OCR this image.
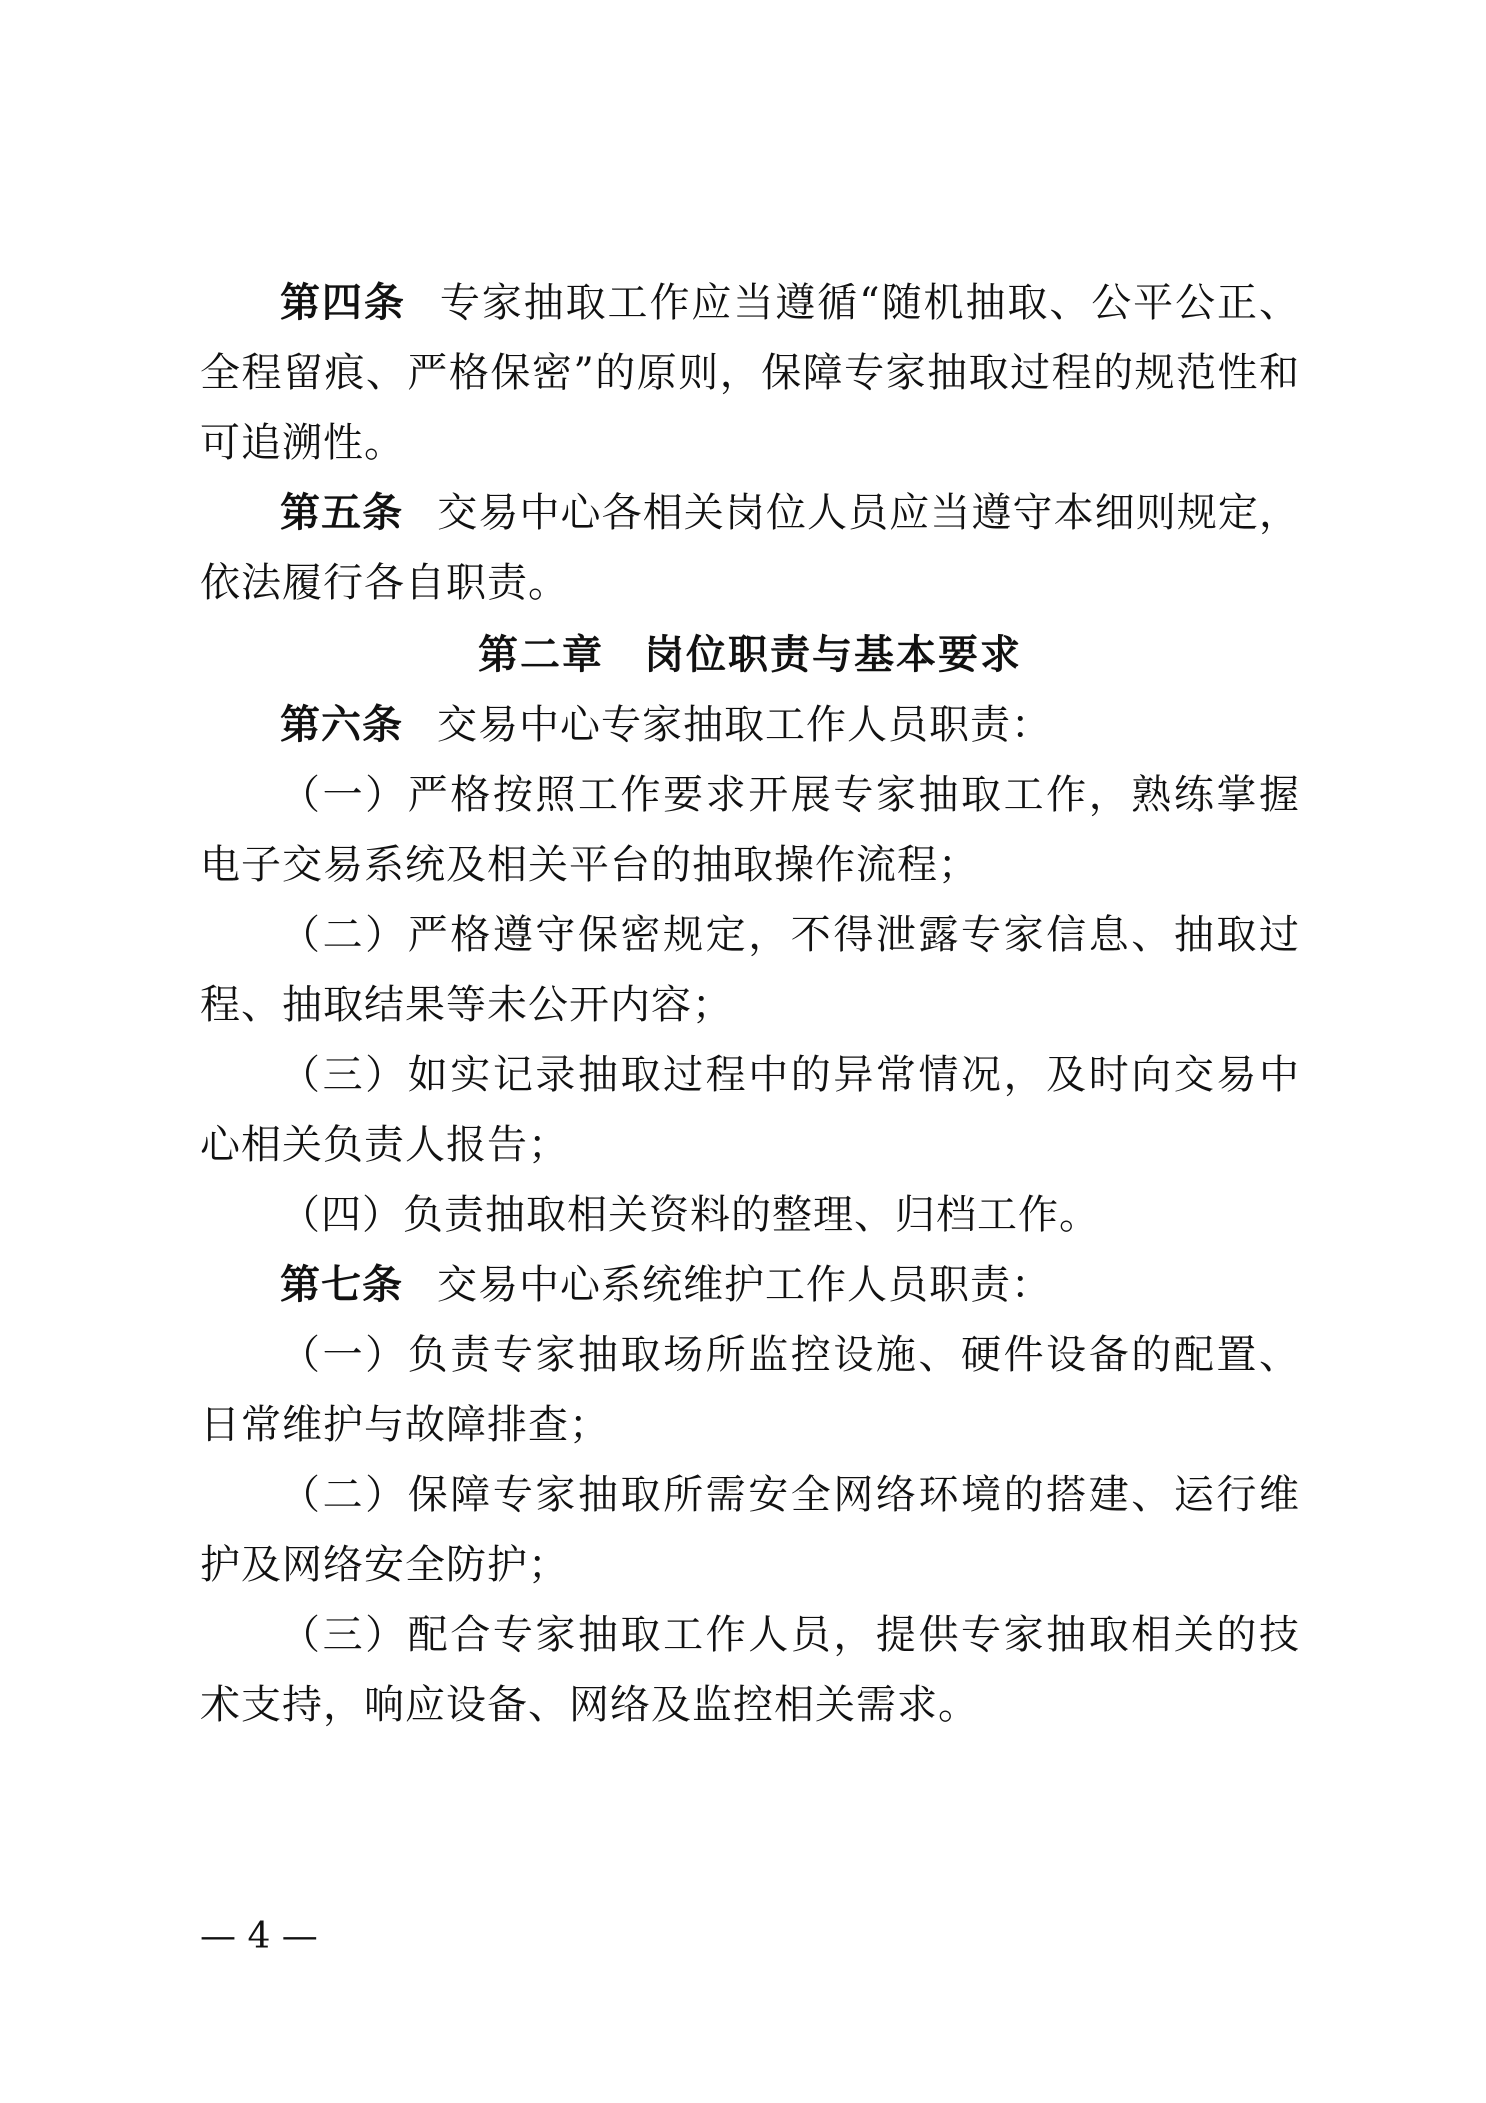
第四条 专家抽取工作应当遵循“随机抽取、公平公正、全程留痕、严格保密”的原则，保障专家抽取过程的规范性和可追溯性。

第五条 交易中心各相关岗位人员应当遵守本细则规定，依法履行各自职责。

第二章 岗位职责与基本要求

第六条 交易中心专家抽取工作人员职责：

（一）严格按照工作要求开展专家抽取工作，熟练掌握电子交易系统及相关平台的抽取操作流程；

（二）严格遵守保密规定，不得泄露专家信息、抽取过程、抽取结果等未公开内容；

（三）如实记录抽取过程中的异常情况，及时向交易中心相关负责人报告；

（四）负责抽取相关资料的整理、归档工作。

第七条 交易中心系统维护工作人员职责：

（一）负责专家抽取场所监控设施、硬件设备的配置、日常维护与故障排查；

（二）保障专家抽取所需安全网络环境的搭建、运行维护及网络安全防护；

（三）配合专家抽取工作人员，提供专家抽取相关的技术支持，响应设备、网络及监控相关需求。

— 4 —
